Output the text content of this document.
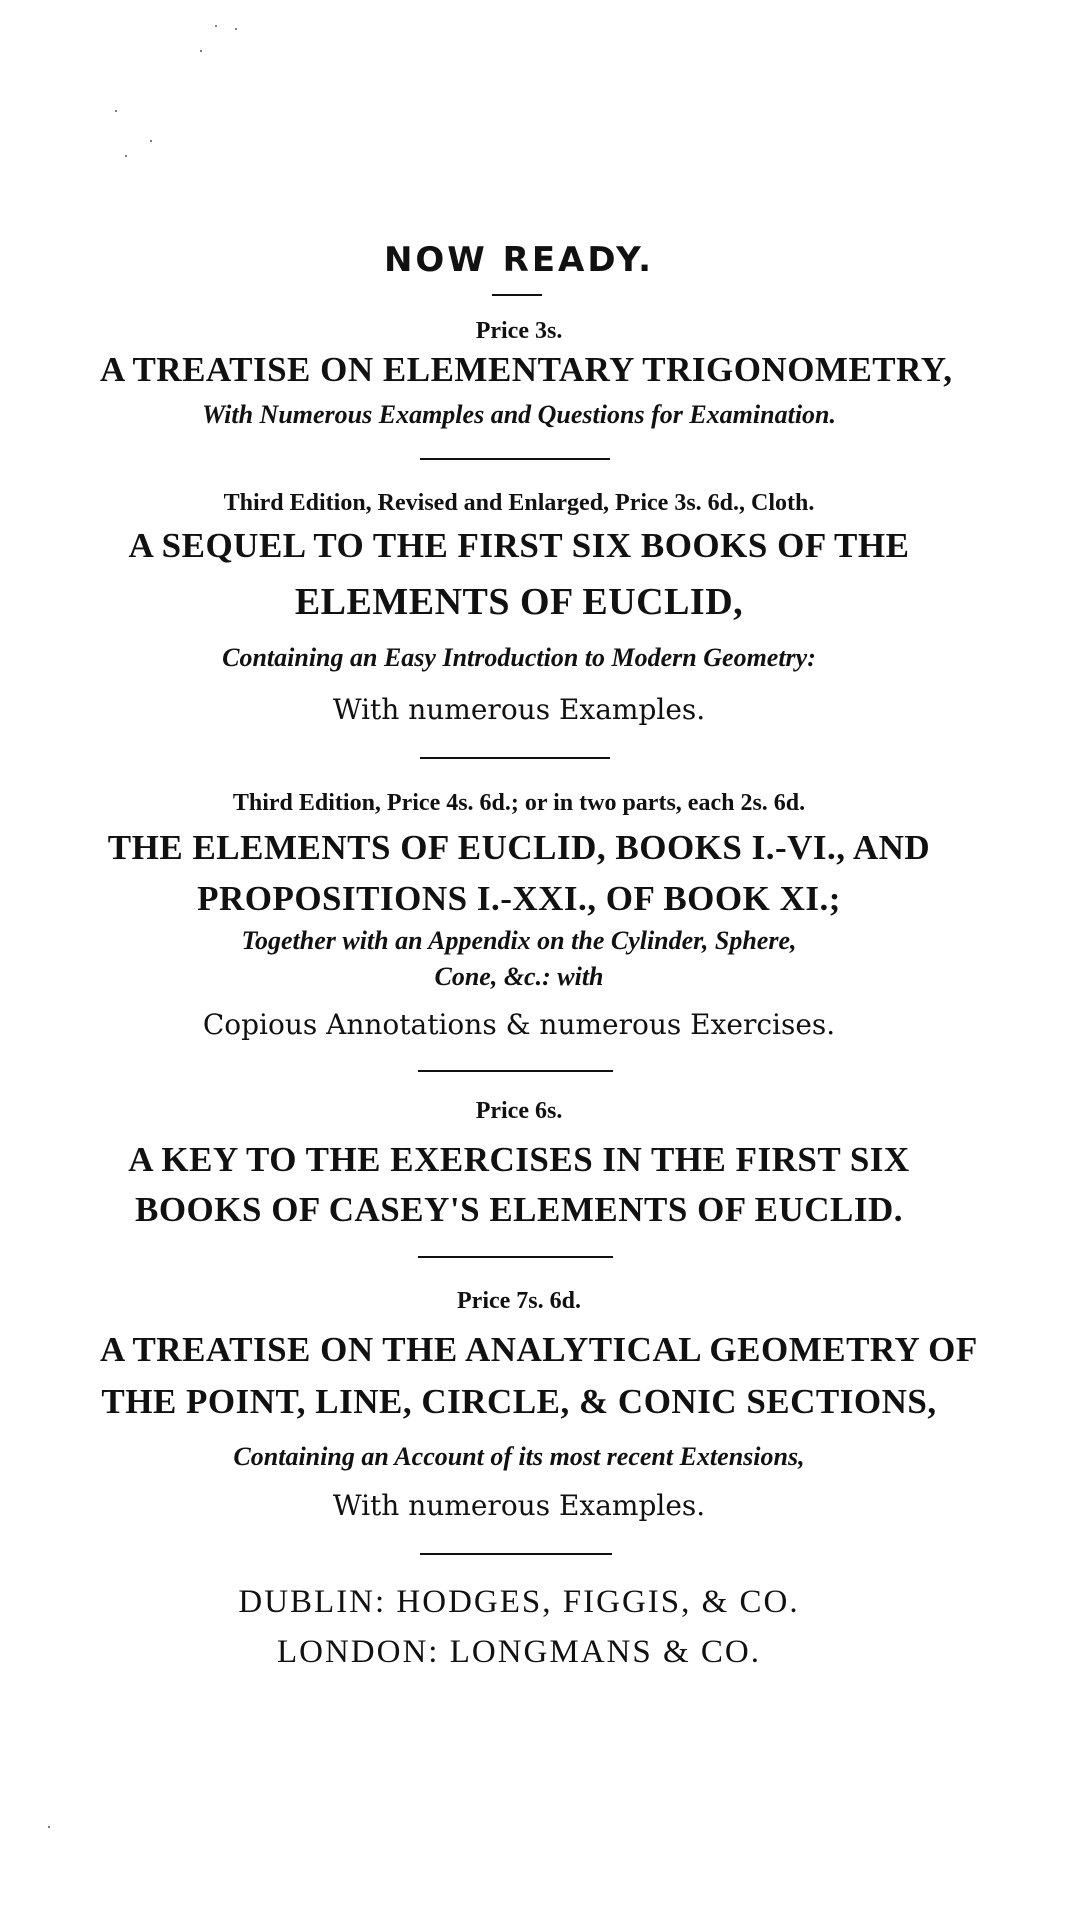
NOW READY.
Price 3s.
A TREATISE ON ELEMENTARY TRIGONOMETRY,
With Numerous Examples and Questions for Examination.
Third Edition, Revised and Enlarged, Price 3s. 6d., Cloth.
A SEQUEL TO THE FIRST SIX BOOKS OF THE
ELEMENTS OF EUCLID,
Containing an Easy Introduction to Modern Geometry:
With numerous Examples.
Third Edition, Price 4s. 6d.; or in two parts, each 2s. 6d.
THE ELEMENTS OF EUCLID, BOOKS I.-VI., AND
PROPOSITIONS I.-XXI., OF BOOK XI.;
Together with an Appendix on the Cylinder, Sphere,
Cone, &c.: with
Copious Annotations & numerous Exercises.
Price 6s.
A KEY TO THE EXERCISES IN THE FIRST SIX
BOOKS OF CASEY'S ELEMENTS OF EUCLID.
Price 7s. 6d.
A TREATISE ON THE ANALYTICAL GEOMETRY OF
THE POINT, LINE, CIRCLE, & CONIC SECTIONS,
Containing an Account of its most recent Extensions,
With numerous Examples.
DUBLIN: HODGES, FIGGIS, & CO.
LONDON: LONGMANS & CO.
